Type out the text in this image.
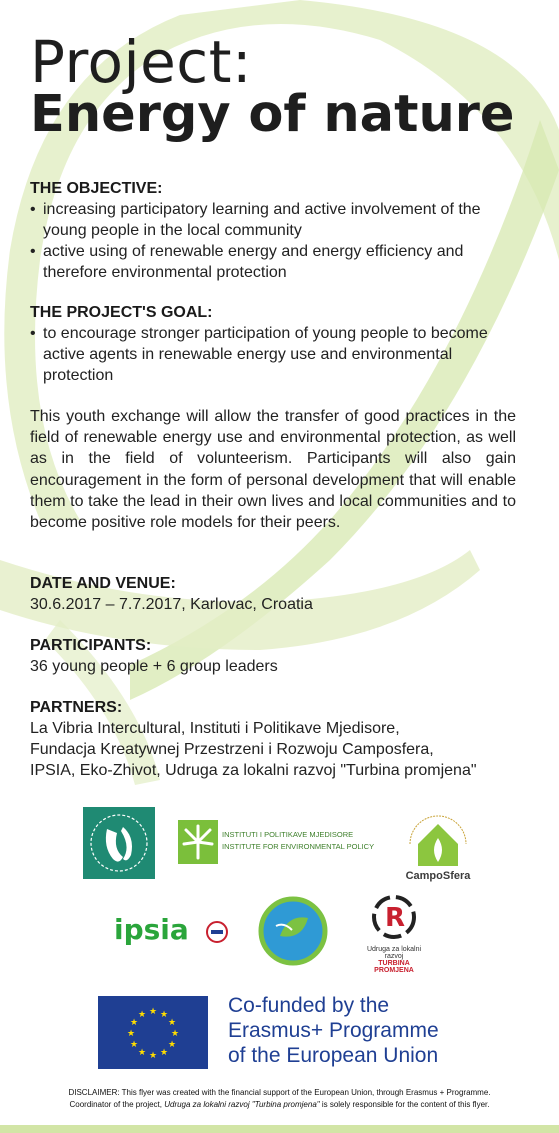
Project:
Energy of nature
THE OBJECTIVE:
• increasing participatory learning and active involvement of the young people in the local community
• active using of renewable energy and energy efficiency and therefore environmental protection
THE PROJECT'S GOAL:
• to encourage stronger participation of young people to become active agents in renewable energy use and environmental protection
This youth exchange will allow the transfer of good practices in the field of renewable energy use and environmental protection, as well as in the field of volunteerism. Participants will also gain encouragement in the form of personal development that will enable them to take the lead in their own lives and local communities and to become positive role models for their peers.
DATE AND VENUE:
30.6.2017 – 7.7.2017, Karlovac, Croatia
PARTICIPANTS:
36 young people + 6 group leaders
PARTNERS:
La Vibria Intercultural, Instituti i Politikave Mjedisore,
Fundacja Kreatywnej Przestrzeni i Rozwoju Camposfera,
IPSIA, Eko-Zhivot, Udruga za lokalni razvoj "Turbina promjena"
INSTITUTI I POLITIKAVE MJEDISORE
INSTITUTE FOR ENVIRONMENTAL POLICY
CampoSfera
ipsia	R
Udruga za lokalni razvoj
TURBINA PROMJENA
★ ★
★
★
★
★
★
★
★
★
★
★	Co-funded by the
Erasmus+ Programme
of the European Union
DISCLAIMER: This flyer was created with the financial support of the European Union, through Erasmus + Programme.
Coordinator of the project, Udruga za lokalni razvoj "Turbina promjena" is solely responsible for the content of this flyer.
